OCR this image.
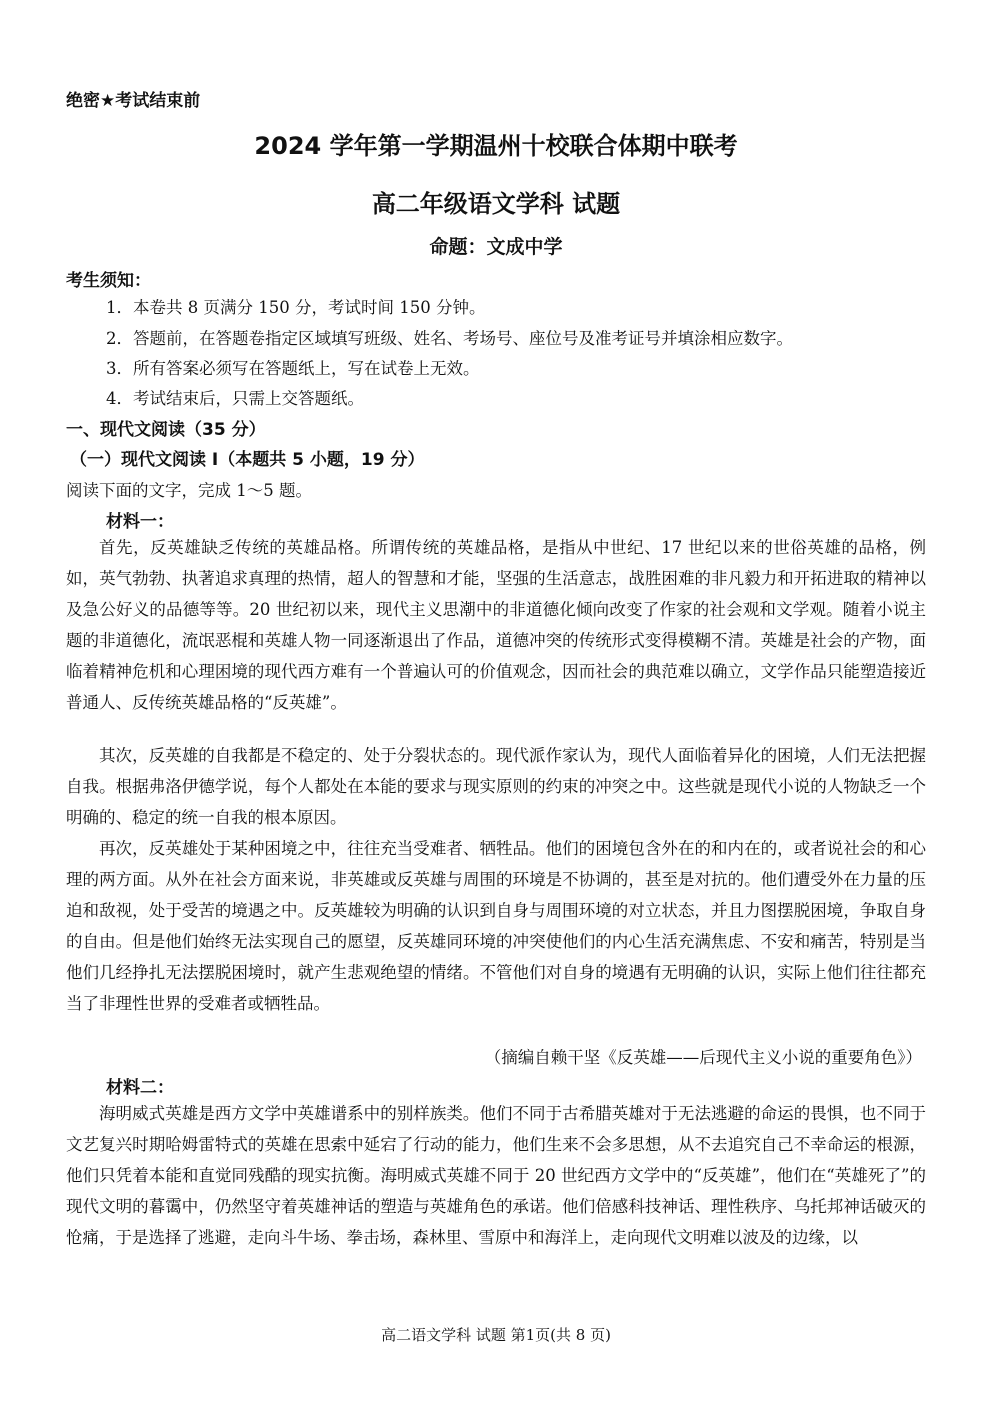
绝密★考试结束前
2024 学年第一学期温州十校联合体期中联考
高二年级语文学科 试题
命题：文成中学
考生须知：
1．本卷共 8 页满分 150 分，考试时间 150 分钟。
2．答题前，在答题卷指定区域填写班级、姓名、考场号、座位号及准考证号并填涂相应数字。
3．所有答案必须写在答题纸上，写在试卷上无效。
4．考试结束后，只需上交答题纸。
一、现代文阅读（35 分）
（一）现代文阅读 I（本题共 5 小题，19 分）
阅读下面的文字，完成 1～5 题。
材料一：
首先，反英雄缺乏传统的英雄品格。所谓传统的英雄品格，是指从中世纪、17 世纪以来的世俗英雄的品格，例如，英气勃勃、执著追求真理的热情，超人的智慧和才能，坚强的生活意志，战胜困难的非凡毅力和开拓进取的精神以及急公好义的品德等等。20 世纪初以来，现代主义思潮中的非道德化倾向改变了作家的社会观和文学观。随着小说主题的非道德化，流氓恶棍和英雄人物一同逐渐退出了作品，道德冲突的传统形式变得模糊不清。英雄是社会的产物，面临着精神危机和心理困境的现代西方难有一个普遍认可的价值观念，因而社会的典范难以确立，文学作品只能塑造接近普通人、反传统英雄品格的“反英雄”。
其次，反英雄的自我都是不稳定的、处于分裂状态的。现代派作家认为，现代人面临着异化的困境，人们无法把握自我。根据弗洛伊德学说，每个人都处在本能的要求与现实原则的约束的冲突之中。这些就是现代小说的人物缺乏一个明确的、稳定的统一自我的根本原因。
再次，反英雄处于某种困境之中，往往充当受难者、牺牲品。他们的困境包含外在的和内在的，或者说社会的和心理的两方面。从外在社会方面来说，非英雄或反英雄与周围的环境是不协调的，甚至是对抗的。他们遭受外在力量的压迫和敌视，处于受苦的境遇之中。反英雄较为明确的认识到自身与周围环境的对立状态，并且力图摆脱困境，争取自身的自由。但是他们始终无法实现自己的愿望，反英雄同环境的冲突使他们的内心生活充满焦虑、不安和痛苦，特别是当他们几经挣扎无法摆脱困境时，就产生悲观绝望的情绪。不管他们对自身的境遇有无明确的认识，实际上他们往往都充当了非理性世界的受难者或牺牲品。
（摘编自赖干坚《反英雄——后现代主义小说的重要角色》）
材料二：
海明威式英雄是西方文学中英雄谱系中的别样族类。他们不同于古希腊英雄对于无法逃避的命运的畏惧，也不同于文艺复兴时期哈姆雷特式的英雄在思索中延宕了行动的能力，他们生来不会多思想，从不去追究自己不幸命运的根源，他们只凭着本能和直觉同残酷的现实抗衡。海明威式英雄不同于 20 世纪西方文学中的“反英雄”，他们在“英雄死了”的现代文明的暮霭中，仍然坚守着英雄神话的塑造与英雄角色的承诺。他们倍感科技神话、理性秩序、乌托邦神话破灭的怆痛，于是选择了逃避，走向斗牛场、拳击场，森林里、雪原中和海洋上，走向现代文明难以波及的边缘，以
高二语文学科 试题 第1页(共 8 页)
